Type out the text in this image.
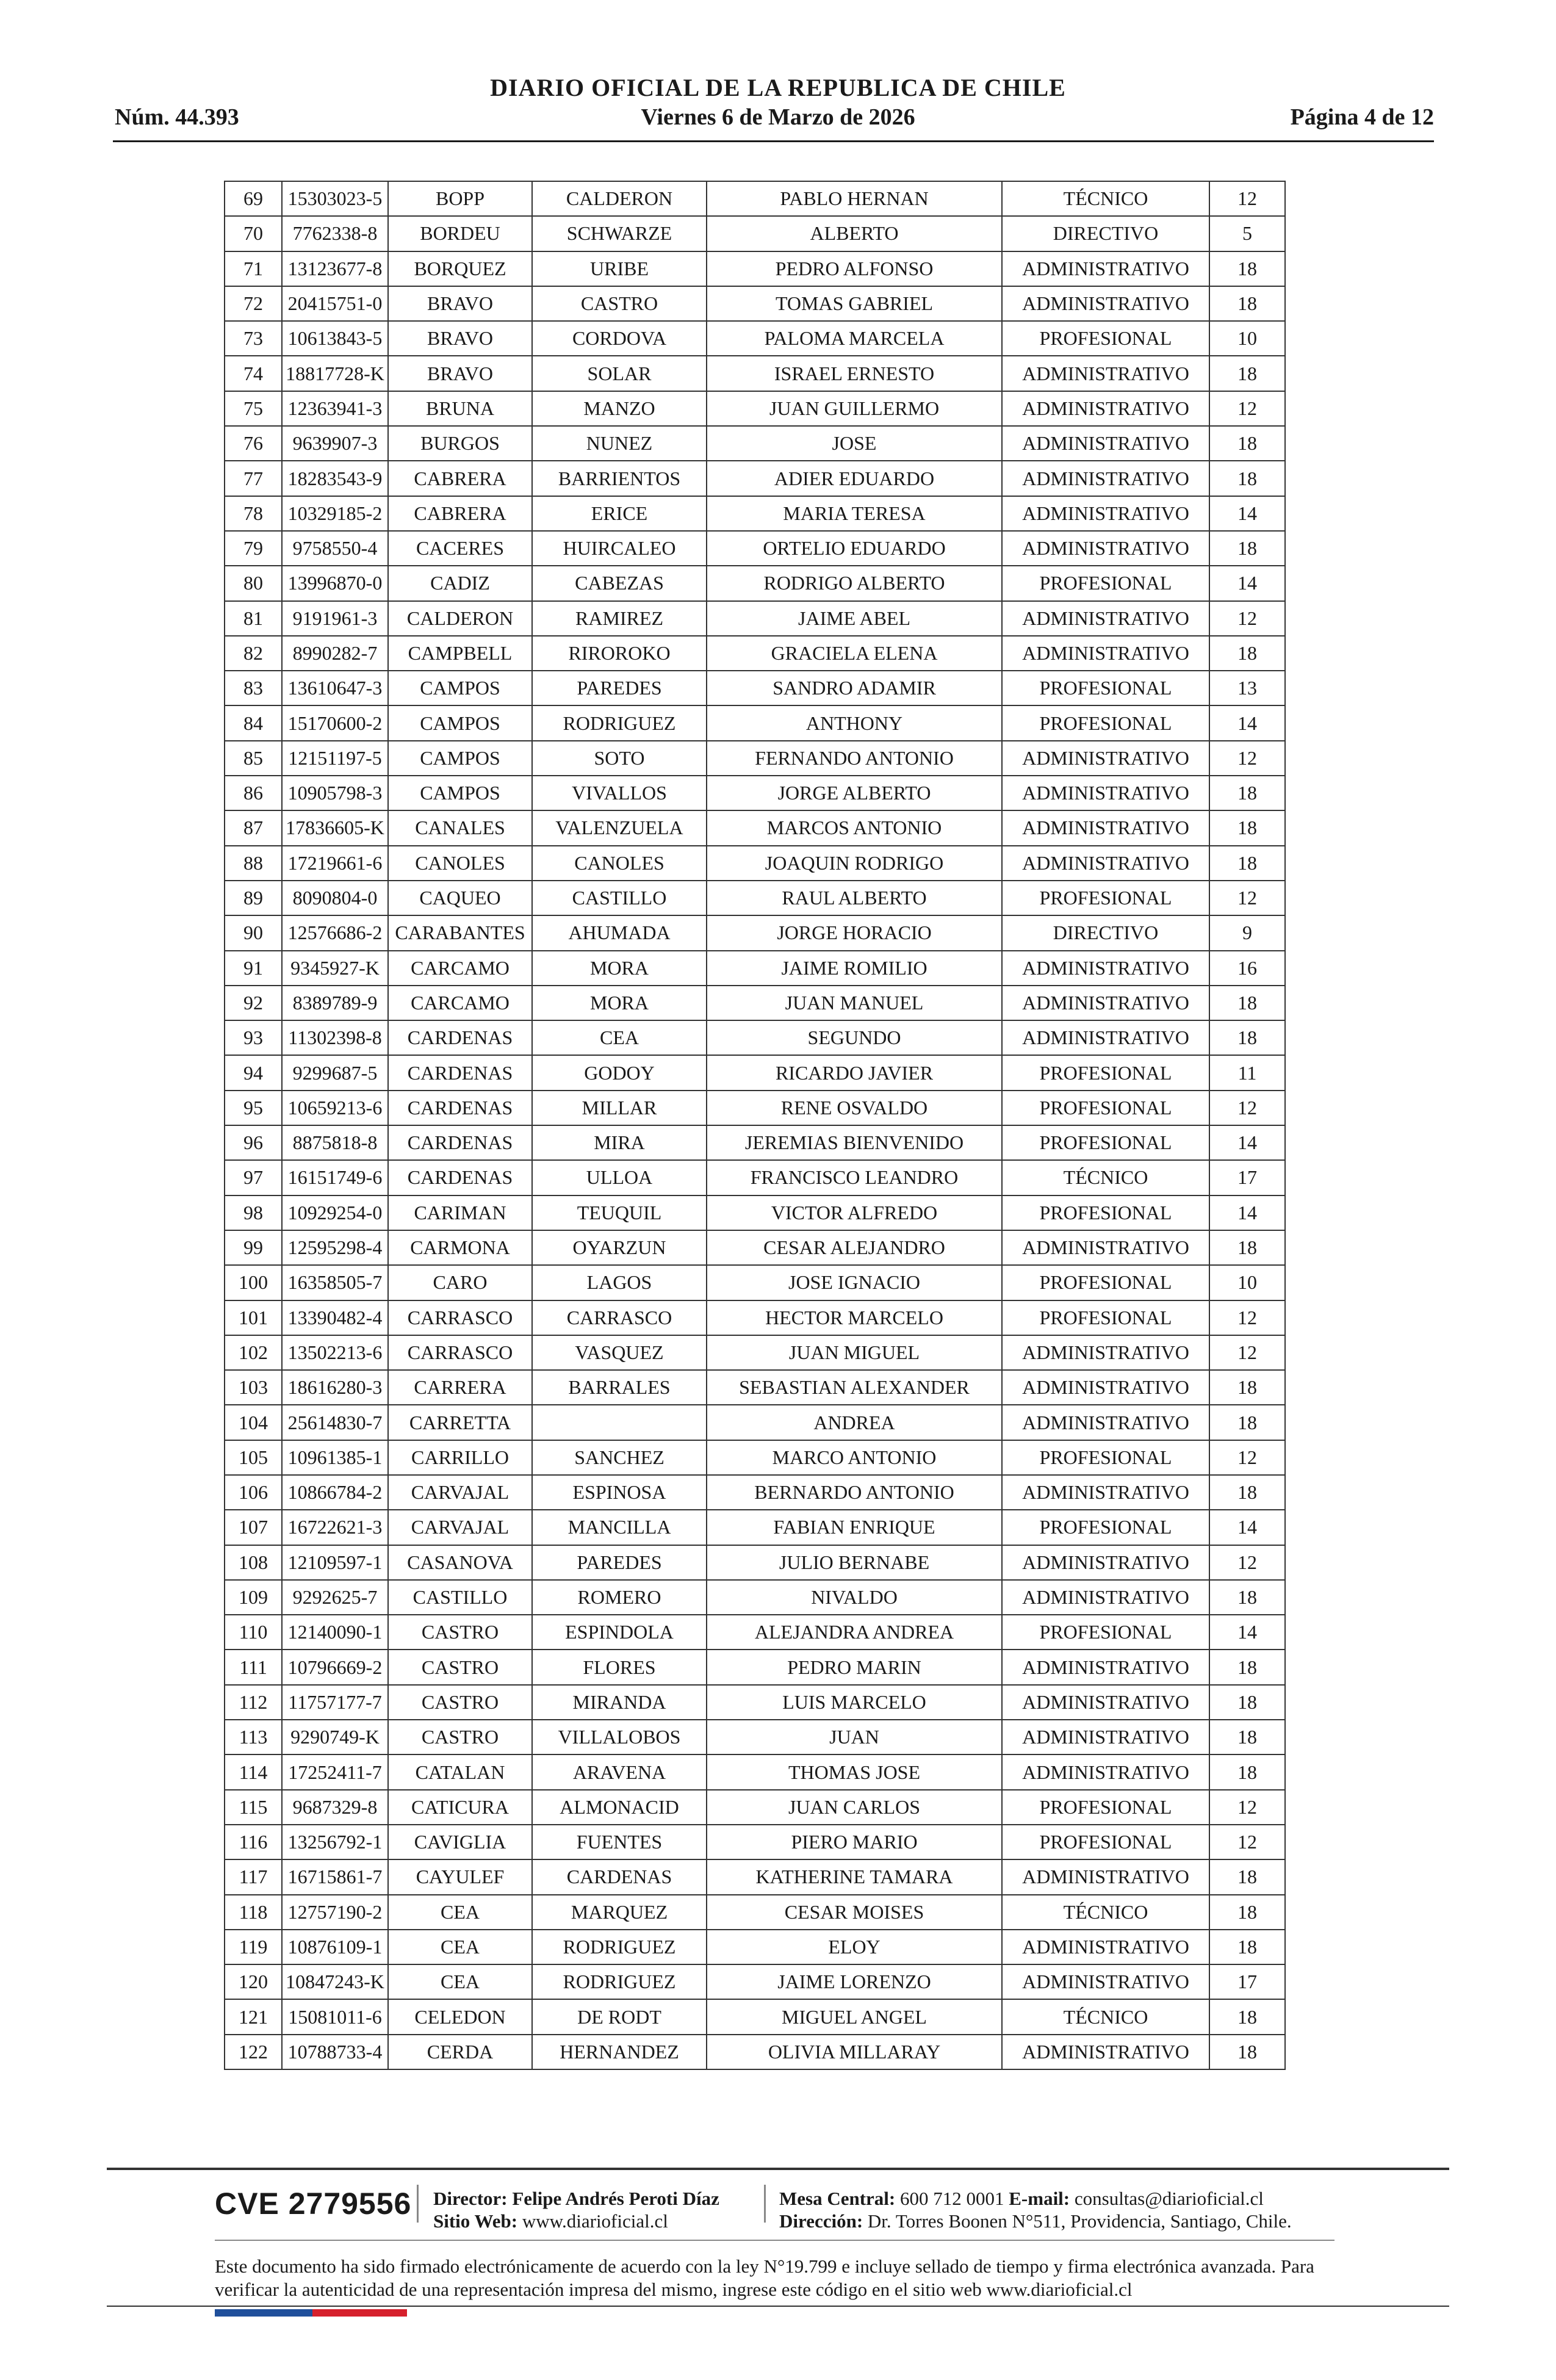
DIARIO OFICIAL DE LA REPUBLICA DE CHILE
Núm. 44.393	Viernes 6 de Marzo de 2026	Página 4 de 12
69	15303023-5	BOPP	CALDERON	PABLO HERNAN	TÉCNICO	12
70	7762338-8	BORDEU	SCHWARZE	ALBERTO	DIRECTIVO	5
71	13123677-8	BORQUEZ	URIBE	PEDRO ALFONSO	ADMINISTRATIVO	18
72	20415751-0	BRAVO	CASTRO	TOMAS GABRIEL	ADMINISTRATIVO	18
73	10613843-5	BRAVO	CORDOVA	PALOMA MARCELA	PROFESIONAL	10
74	18817728-K	BRAVO	SOLAR	ISRAEL ERNESTO	ADMINISTRATIVO	18
75	12363941-3	BRUNA	MANZO	JUAN GUILLERMO	ADMINISTRATIVO	12
76	9639907-3	BURGOS	NUNEZ	JOSE	ADMINISTRATIVO	18
77	18283543-9	CABRERA	BARRIENTOS	ADIER EDUARDO	ADMINISTRATIVO	18
78	10329185-2	CABRERA	ERICE	MARIA TERESA	ADMINISTRATIVO	14
79	9758550-4	CACERES	HUIRCALEO	ORTELIO EDUARDO	ADMINISTRATIVO	18
80	13996870-0	CADIZ	CABEZAS	RODRIGO ALBERTO	PROFESIONAL	14
81	9191961-3	CALDERON	RAMIREZ	JAIME ABEL	ADMINISTRATIVO	12
82	8990282-7	CAMPBELL	RIROROKO	GRACIELA ELENA	ADMINISTRATIVO	18
83	13610647-3	CAMPOS	PAREDES	SANDRO ADAMIR	PROFESIONAL	13
84	15170600-2	CAMPOS	RODRIGUEZ	ANTHONY	PROFESIONAL	14
85	12151197-5	CAMPOS	SOTO	FERNANDO ANTONIO	ADMINISTRATIVO	12
86	10905798-3	CAMPOS	VIVALLOS	JORGE ALBERTO	ADMINISTRATIVO	18
87	17836605-K	CANALES	VALENZUELA	MARCOS ANTONIO	ADMINISTRATIVO	18
88	17219661-6	CANOLES	CANOLES	JOAQUIN RODRIGO	ADMINISTRATIVO	18
89	8090804-0	CAQUEO	CASTILLO	RAUL ALBERTO	PROFESIONAL	12
90	12576686-2	CARABANTES	AHUMADA	JORGE HORACIO	DIRECTIVO	9
91	9345927-K	CARCAMO	MORA	JAIME ROMILIO	ADMINISTRATIVO	16
92	8389789-9	CARCAMO	MORA	JUAN MANUEL	ADMINISTRATIVO	18
93	11302398-8	CARDENAS	CEA	SEGUNDO	ADMINISTRATIVO	18
94	9299687-5	CARDENAS	GODOY	RICARDO JAVIER	PROFESIONAL	11
95	10659213-6	CARDENAS	MILLAR	RENE OSVALDO	PROFESIONAL	12
96	8875818-8	CARDENAS	MIRA	JEREMIAS BIENVENIDO	PROFESIONAL	14
97	16151749-6	CARDENAS	ULLOA	FRANCISCO LEANDRO	TÉCNICO	17
98	10929254-0	CARIMAN	TEUQUIL	VICTOR ALFREDO	PROFESIONAL	14
99	12595298-4	CARMONA	OYARZUN	CESAR ALEJANDRO	ADMINISTRATIVO	18
100	16358505-7	CARO	LAGOS	JOSE IGNACIO	PROFESIONAL	10
101	13390482-4	CARRASCO	CARRASCO	HECTOR MARCELO	PROFESIONAL	12
102	13502213-6	CARRASCO	VASQUEZ	JUAN MIGUEL	ADMINISTRATIVO	12
103	18616280-3	CARRERA	BARRALES	SEBASTIAN ALEXANDER	ADMINISTRATIVO	18
104	25614830-7	CARRETTA		ANDREA	ADMINISTRATIVO	18
105	10961385-1	CARRILLO	SANCHEZ	MARCO ANTONIO	PROFESIONAL	12
106	10866784-2	CARVAJAL	ESPINOSA	BERNARDO ANTONIO	ADMINISTRATIVO	18
107	16722621-3	CARVAJAL	MANCILLA	FABIAN ENRIQUE	PROFESIONAL	14
108	12109597-1	CASANOVA	PAREDES	JULIO BERNABE	ADMINISTRATIVO	12
109	9292625-7	CASTILLO	ROMERO	NIVALDO	ADMINISTRATIVO	18
110	12140090-1	CASTRO	ESPINDOLA	ALEJANDRA ANDREA	PROFESIONAL	14
111	10796669-2	CASTRO	FLORES	PEDRO MARIN	ADMINISTRATIVO	18
112	11757177-7	CASTRO	MIRANDA	LUIS MARCELO	ADMINISTRATIVO	18
113	9290749-K	CASTRO	VILLALOBOS	JUAN	ADMINISTRATIVO	18
114	17252411-7	CATALAN	ARAVENA	THOMAS JOSE	ADMINISTRATIVO	18
115	9687329-8	CATICURA	ALMONACID	JUAN CARLOS	PROFESIONAL	12
116	13256792-1	CAVIGLIA	FUENTES	PIERO MARIO	PROFESIONAL	12
117	16715861-7	CAYULEF	CARDENAS	KATHERINE TAMARA	ADMINISTRATIVO	18
118	12757190-2	CEA	MARQUEZ	CESAR MOISES	TÉCNICO	18
119	10876109-1	CEA	RODRIGUEZ	ELOY	ADMINISTRATIVO	18
120	10847243-K	CEA	RODRIGUEZ	JAIME LORENZO	ADMINISTRATIVO	17
121	15081011-6	CELEDON	DE RODT	MIGUEL ANGEL	TÉCNICO	18
122	10788733-4	CERDA	HERNANDEZ	OLIVIA MILLARAY	ADMINISTRATIVO	18
CVE 2779556 Director: Felipe Andrés Peroti Díaz
Sitio Web: www.diarioficial.cl
Mesa Central: 600 712 0001 E-mail: consultas@diarioficial.cl
Dirección: Dr. Torres Boonen N°511, Providencia, Santiago, Chile.
Este documento ha sido firmado electrónicamente de acuerdo con la ley N°19.799 e incluye sellado de tiempo y firma electrónica avanzada. Para verificar la autenticidad de una representación impresa del mismo, ingrese este código en el sitio web www.diarioficial.cl
